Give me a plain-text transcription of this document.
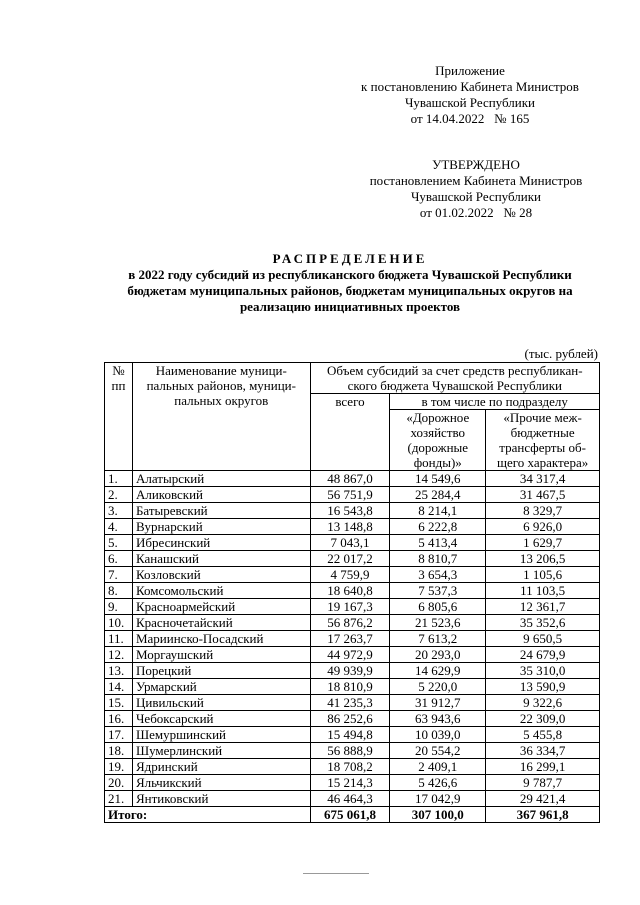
Приложение
к постановлению Кабинета Министров
Чувашской Республики
от 14.04.2022   № 165
УТВЕРЖДЕНО
постановлением Кабинета Министров
Чувашской Республики
от 01.02.2022   № 28
РАСПРЕДЕЛЕНИЕ
в 2022 году субсидий из республиканского бюджета Чувашской Республики
бюджетам муниципальных районов, бюджетам муниципальных округов на
реализацию инициативных проектов
(тыс. рублей)
№ пп	Наименование муници-пальных районов, муници-пальных округов	Объем субсидий за счет средств республикан-ского бюджета Чувашской Республики		
		всего	в том числе по подразделу	
			«Дорожное хозяйство (дорожные фонды)»	«Прочие меж-бюджетные трансферты об-щего характера»
1.	Алатырский	48 867,0	14 549,6	34 317,4
2.	Аликовский	56 751,9	25 284,4	31 467,5
3.	Батыревский	16 543,8	8 214,1	8 329,7
4.	Вурнарский	13 148,8	6 222,8	6 926,0
5.	Ибресинский	7 043,1	5 413,4	1 629,7
6.	Канашский	22 017,2	8 810,7	13 206,5
7.	Козловский	4 759,9	3 654,3	1 105,6
8.	Комсомольский	18 640,8	7 537,3	11 103,5
9.	Красноармейский	19 167,3	6 805,6	12 361,7
10.	Красночетайский	56 876,2	21 523,6	35 352,6
11.	Мариинско-Посадский	17 263,7	7 613,2	9 650,5
12.	Моргаушский	44 972,9	20 293,0	24 679,9
13.	Порецкий	49 939,9	14 629,9	35 310,0
14.	Урмарский	18 810,9	5 220,0	13 590,9
15.	Цивильский	41 235,3	31 912,7	9 322,6
16.	Чебоксарский	86 252,6	63 943,6	22 309,0
17.	Шемуршинский	15 494,8	10 039,0	5 455,8
18.	Шумерлинский	56 888,9	20 554,2	36 334,7
19.	Ядринский	18 708,2	2 409,1	16 299,1
20.	Яльчикский	15 214,3	5 426,6	9 787,7
21.	Янтиковский	46 464,3	17 042,9	29 421,4
Итого:		675 061,8	307 100,0	367 961,8
